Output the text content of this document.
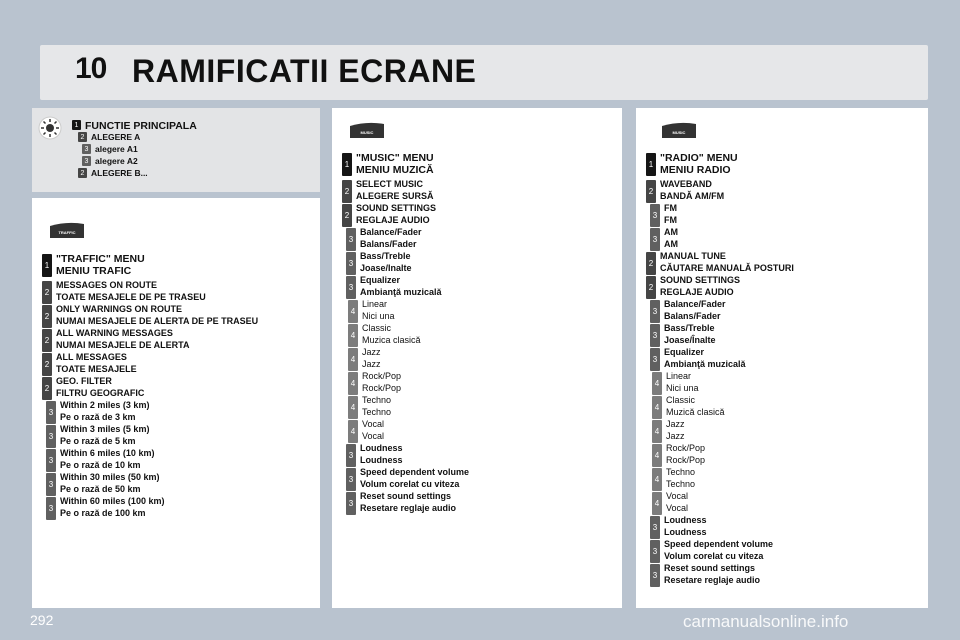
10 RAMIFICATII ECRANE
1 FUNCTIE PRINCIPALA
2 ALEGERE A
3 alegere A1
3 alegere A2
2 ALEGERE B...
TRAFFIC
MUSIC	MUSIC
1
"TRAFFIC" MENU
MENIU TRAFIC
2
MESSAGES ON ROUTE
TOATE MESAJELE DE PE TRASEU
2
ONLY WARNINGS ON ROUTE
NUMAI MESAJELE DE ALERTA DE PE TRASEU
2
ALL WARNING MESSAGES
NUMAI MESAJELE DE ALERTA
2
ALL MESSAGES
TOATE MESAJELE
2
GEO. FILTER
FILTRU GEOGRAFIC
3
Within 2 miles (3 km)
Pe o rază de 3 km
3
Within 3 miles (5 km)
Pe o rază de 5 km
3
Within 6 miles (10 km)
Pe o rază de 10 km
3
Within 30 miles (50 km)
Pe o rază de 50 km
3
Within 60 miles (100 km)
Pe o rază de 100 km
1
"MUSIC" MENU
MENIU MUZICĂ
2
SELECT MUSIC
ALEGERE SURSĂ
2
SOUND SETTINGS
REGLAJE AUDIO
3
Balance/Fader
Balans/Fader
3
Bass/Treble
Joase/Inalte
3
Equalizer
Ambianţă muzicală
4
Linear
Nici una
4
Classic
Muzica clasică
4
Jazz
Jazz
4
Rock/Pop
Rock/Pop
4
Techno
Techno
4
Vocal
Vocal
3
Loudness
Loudness
3
Speed dependent volume
Volum corelat cu viteza
3
Reset sound settings
Resetare reglaje audio
1
"RADIO" MENU
MENIU RADIO
2
WAVEBAND
BANDĂ AM/FM
3
FM
FM
3
AM
AM
2
MANUAL TUNE
CĂUTARE MANUALĂ POSTURI
2
SOUND SETTINGS
REGLAJE AUDIO
3
Balance/Fader
Balans/Fader
3
Bass/Treble
Joase/Înalte
3
Equalizer
Ambianţă muzicală
4
Linear
Nici una
4
Classic
Muzică clasică
4
Jazz
Jazz
4
Rock/Pop
Rock/Pop
4
Techno
Techno
4
Vocal
Vocal
3
Loudness
Loudness
3
Speed dependent volume
Volum corelat cu viteza
3
Reset sound settings
Resetare reglaje audio
292	carmanualsonline.info
